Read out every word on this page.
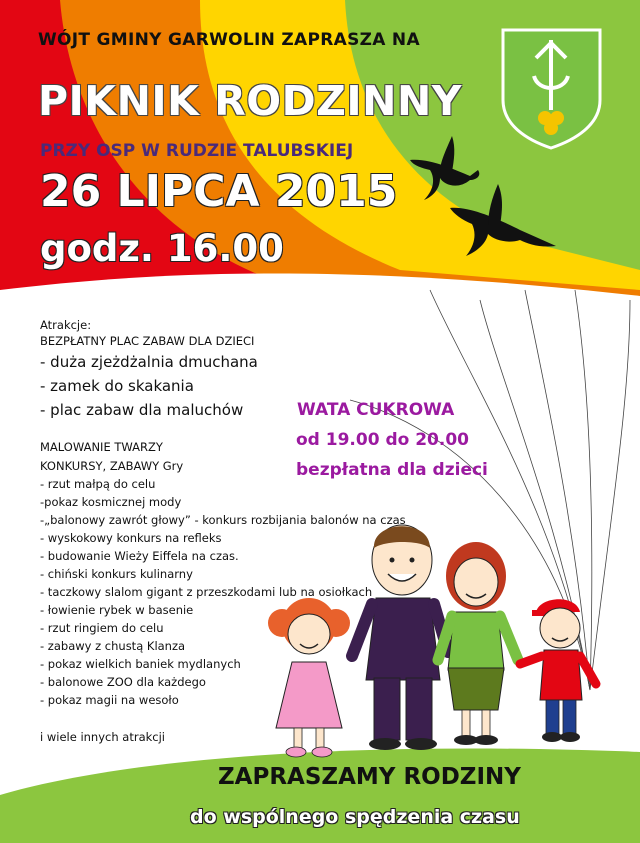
WÓJT GMINY GARWOLIN ZAPRASZA NA
PIKNIK RODZINNY
PRZY OSP W RUDZIE TALUBSKIEJ
26 LIPCA 2015
godz. 16.00
Atrakcje:
BEZPŁATNY PLAC ZABAW DLA DZIECI
- duża zjeżdżalnia dmuchana
- zamek do skakania
- plac zabaw dla maluchów
MALOWANIE TWARZY
KONKURSY, ZABAWY Gry
- rzut małpą do celu
-pokaz kosmicznej mody
-„balonowy zawrót głowy” - konkurs rozbijania balonów na czas
- wyskokowy konkurs na refleks
- budowanie Wieży Eiffela na czas.
- chiński konkurs kulinarny
- taczkowy slalom gigant z przeszkodami lub na osiołkach
- łowienie rybek w basenie
- rzut ringiem do celu
- zabawy z chustą Klanza
- pokaz wielkich baniek mydlanych
- balonowe ZOO dla każdego
- pokaz magii na wesoło
i wiele innych atrakcji
WATA CUKROWA
od 19.00 do 20.00
bezpłatna dla dzieci
ZAPRASZAMY RODZINY
do wspólnego spędzenia czasu
